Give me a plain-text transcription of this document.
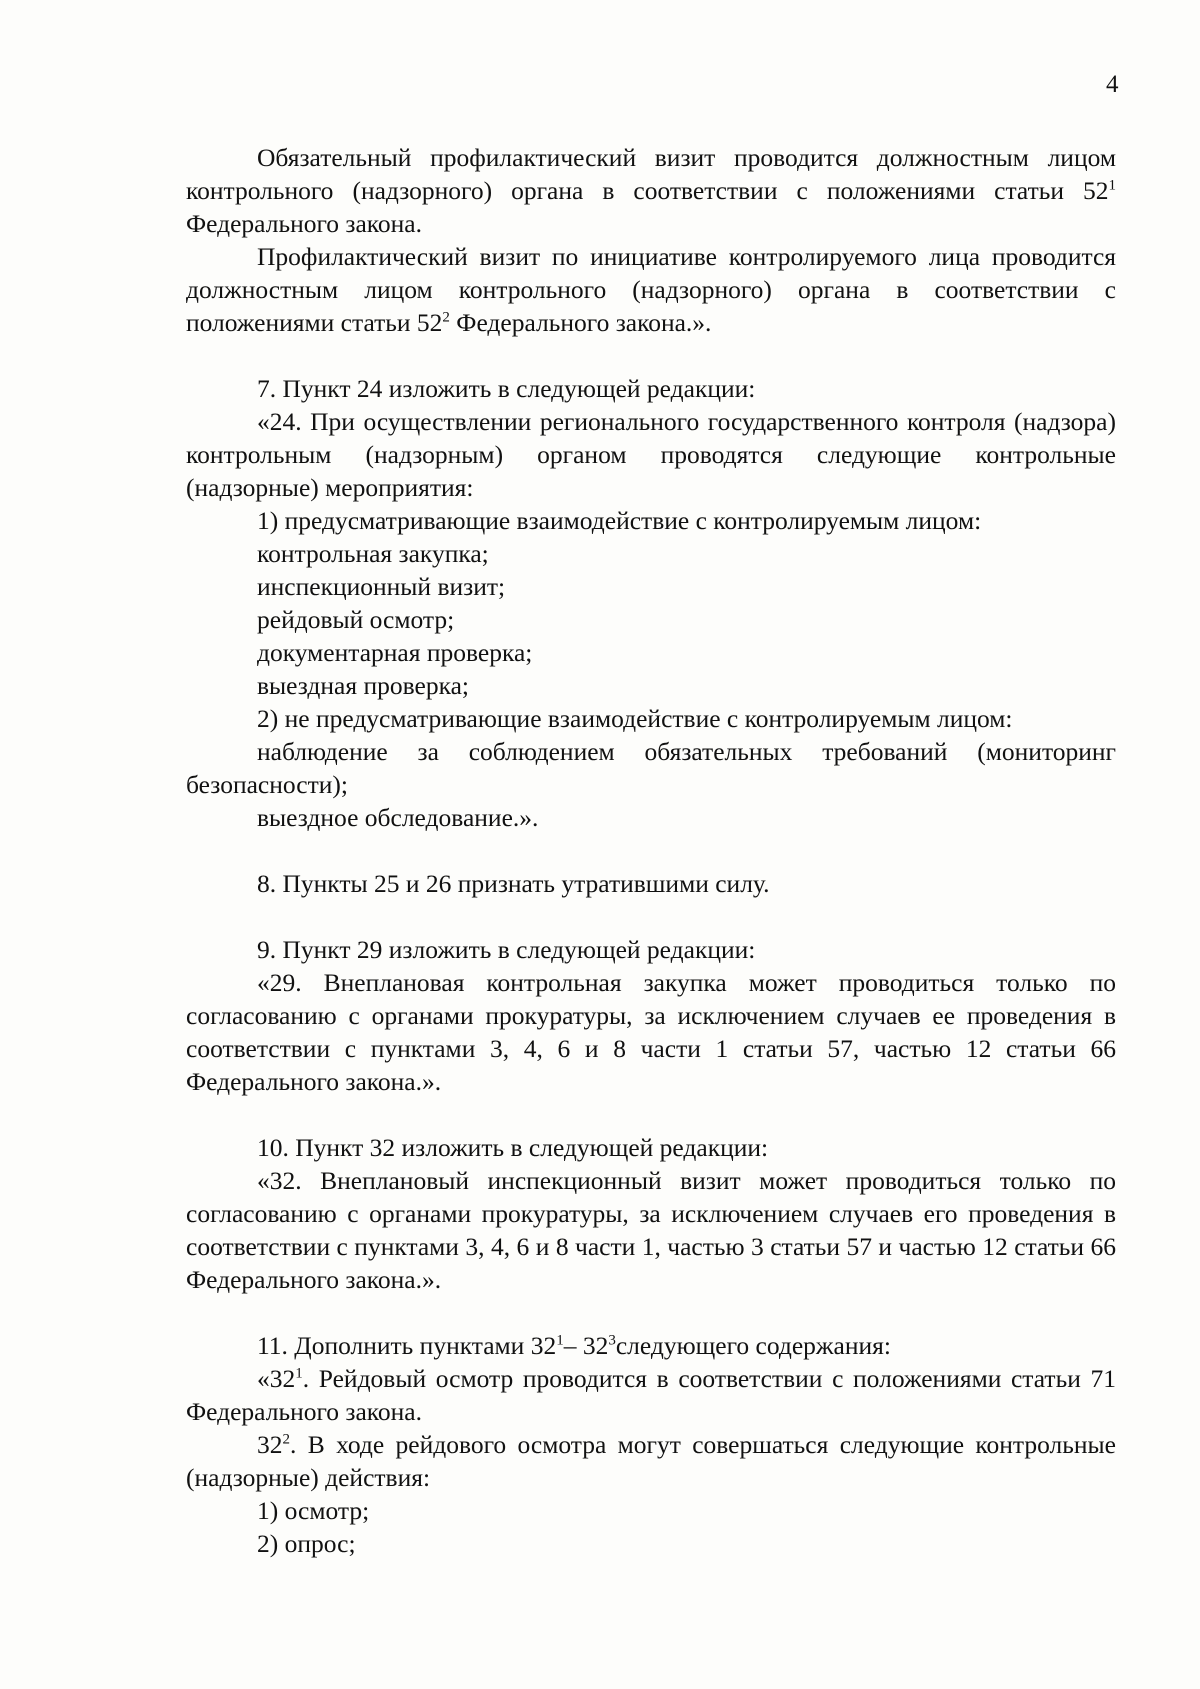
4

Обязательный профилактический визит проводится должностным лицом контрольного (надзорного) органа в соответствии с положениями статьи $52^1$ Федерального закона.

Профилактический визит по инициативе контролируемого лица проводится должностным лицом контрольного (надзорного) органа в соответствии с положениями статьи $52^2$ Федерального закона.».

7. Пункт 24 изложить в следующей редакции:

«24. При осуществлении регионального государственного контроля (надзора) контрольным (надзорным) органом проводятся следующие контрольные (надзорные) мероприятия:

1) предусматривающие взаимодействие с контролируемым лицом:
контрольная закупка;
инспекционный визит;
рейдовый осмотр;
документарная проверка;
выездная проверка;
2) не предусматривающие взаимодействие с контролируемым лицом:

наблюдение за соблюдением обязательных требований (мониторинг безопасности);

выездное обследование.».

8. Пункты 25 и 26 признать утратившими силу.

9. Пункт 29 изложить в следующей редакции:

«29. Внеплановая контрольная закупка может проводиться только по согласованию с органами прокуратуры, за исключением случаев ее проведения в соответствии с пунктами 3, 4, 6 и 8 части 1 статьи 57, частью 12 статьи 66 Федерального закона.».

10. Пункт 32 изложить в следующей редакции:

«32. Внеплановый инспекционный визит может проводиться только по согласованию с органами прокуратуры, за исключением случаев его проведения в соответствии с пунктами 3, 4, 6 и 8 части 1, частью 3 статьи 57 и частью 12 статьи 66 Федерального закона.».

11. Дополнить пунктами $32^1-$ $32^3следующего$ содержания:

«$32^1$. Рейдовый осмотр проводится в соответствии с положениями статьи 71 Федерального закона.

$32^2$. В ходе рейдового осмотра могут совершаться следующие контрольные (надзорные) действия:

1) осмотр;
2) опрос;
